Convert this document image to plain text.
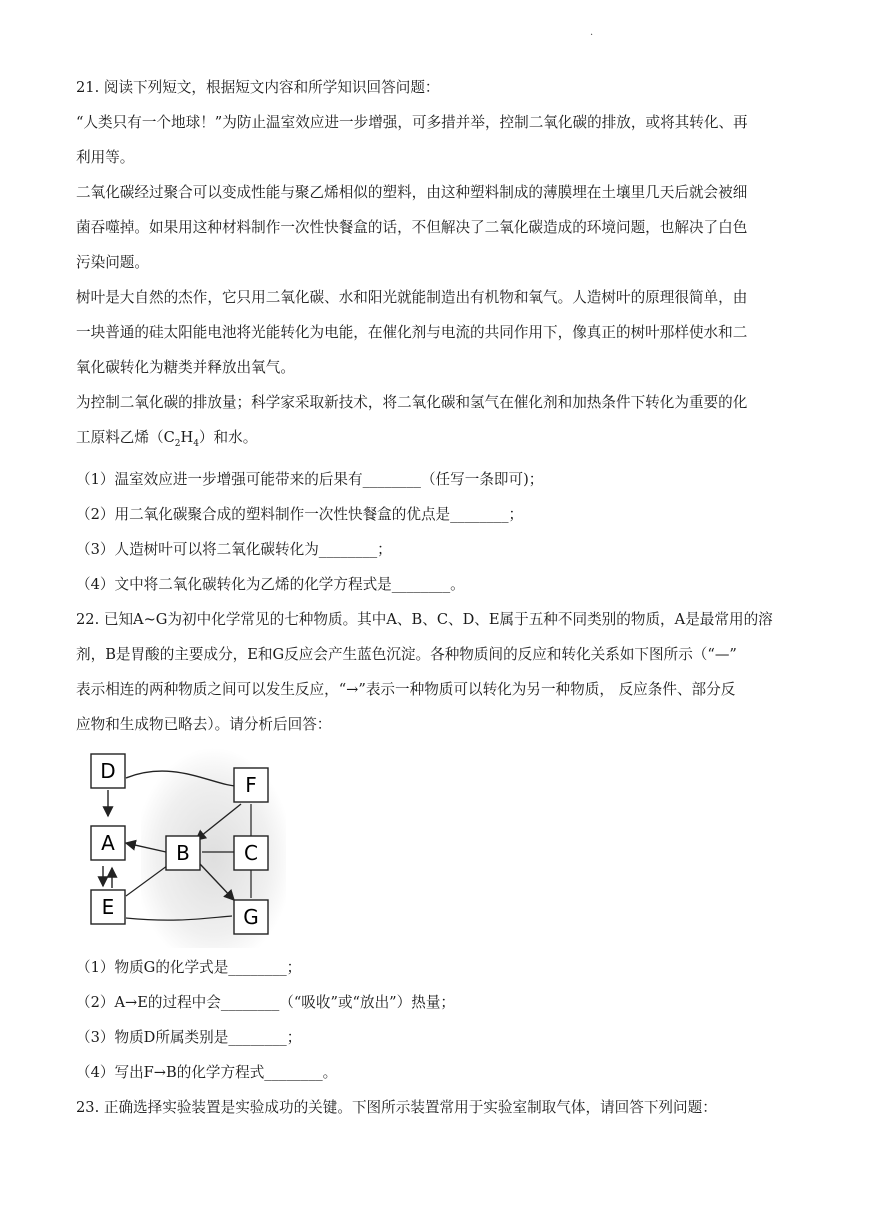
·

21. 阅读下列短文，根据短文内容和所学知识回答问题：

“人类只有一个地球！”为防止温室效应进一步增强，可多措并举，控制二氧化碳的排放，或将其转化、再

利用等。

二氧化碳经过聚合可以变成性能与聚乙烯相似的塑料，由这种塑料制成的薄膜埋在土壤里几天后就会被细

菌吞噬掉。如果用这种材料制作一次性快餐盒的话，不但解决了二氧化碳造成的环境问题，也解决了白色

污染问题。

树叶是大自然的杰作，它只用二氧化碳、水和阳光就能制造出有机物和氧气。人造树叶的原理很简单，由

一块普通的硅太阳能电池将光能转化为电能，在催化剂与电流的共同作用下，像真正的树叶那样使水和二

氧化碳转化为糖类并释放出氧气。

为控制二氧化碳的排放量；科学家采取新技术，将二氧化碳和氢气在催化剂和加热条件下转化为重要的化

工原料乙烯$(C_2H_4)$和水。

（1）温室效应进一步增强可能带来的后果有________（任写一条即可)；

（2）用二氧化碳聚合成的塑料制作一次性快餐盒的优点是________；

（3）人造树叶可以将二氧化碳转化为________；

（4）文中将二氧化碳转化为乙烯的化学方程式是________。

22. 已知A~G为初中化学常见的七种物质。其中A、B、C、D、E属于五种不同类别的物质，A是最常用的溶

剂，B是胃酸的主要成分，E和G反应会产生蓝色沉淀。各种物质间的反应和转化关系如下图所示（“—”

表示相连的两种物质之间可以发生反应，“→”表示一种物质可以转化为另一种物质， 反应条件、部分反

应物和生成物已略去）。请分析后回答：

D
F
A	B	C
E	G

（1）物质G的化学式是________；

（2）A→E的过程中会________（“吸收”或“放出”）热量；

（3）物质D所属类别是________；

（4）写出F→B的化学方程式________。

23. 正确选择实验装置是实验成功的关键。下图所示装置常用于实验室制取气体，请回答下列问题：
